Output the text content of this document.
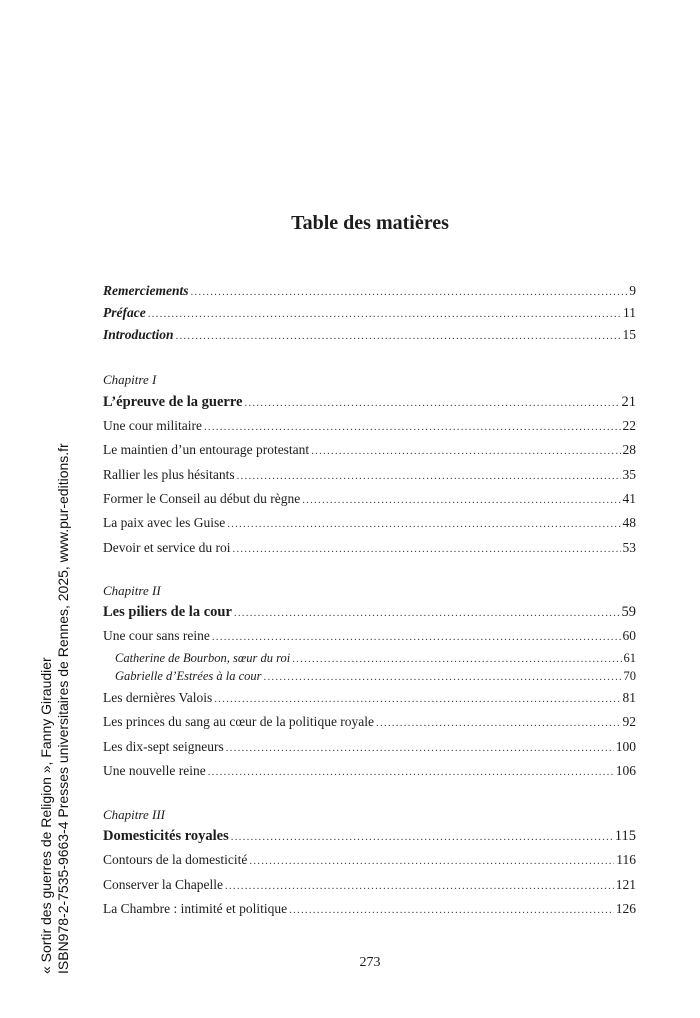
Table des matières
Remerciements .....	9
Préface .....	11
Introduction .....	15
Chapitre I
L’épreuve de la guerre .....	21
Une cour militaire .....	22
Le maintien d’un entourage protestant .....	28
Rallier les plus hésitants .....	35
Former le Conseil au début du règne .....	41
La paix avec les Guise .....	48
Devoir et service du roi .....	53
Chapitre II
Les piliers de la cour .....	59
Une cour sans reine .....	60
Catherine de Bourbon, sœur du roi .....	61
Gabrielle d’Estrées à la cour .....	70
Les dernières Valois .....	81
Les princes du sang au cœur de la politique royale .....	92
Les dix-sept seigneurs .....	100
Une nouvelle reine .....	106
Chapitre III
Domesticités royales .....	115
Contours de la domesticité .....	116
Conserver la Chapelle .....	121
La Chambre : intimité et politique .....	126
273
« Sortir des guerres de Religion », Fanny Giraudier ISBN978-2-7535-9663-4 Presses universitaires de Rennes, 2025, www.pur-editions.fr
